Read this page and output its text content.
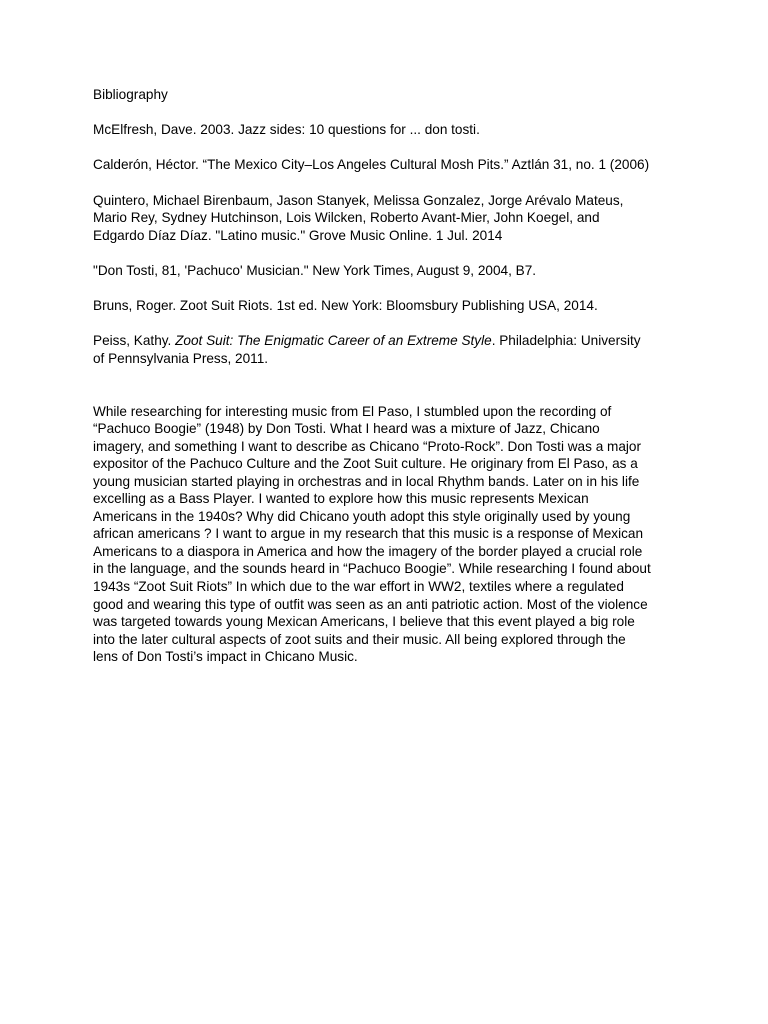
Bibliography
McElfresh, Dave. 2003. Jazz sides: 10 questions for ... don tosti.
Calderón, Héctor. “The Mexico City–Los Angeles Cultural Mosh Pits.” Aztlán 31, no. 1 (2006)
Quintero, Michael Birenbaum, Jason Stanyek, Melissa Gonzalez, Jorge Arévalo Mateus,
Mario Rey, Sydney Hutchinson, Lois Wilcken, Roberto Avant-Mier, John Koegel, and
Edgardo Díaz Díaz. "Latino music." Grove Music Online. 1 Jul. 2014
"Don Tosti, 81, 'Pachuco' Musician." New York Times, August 9, 2004, B7.
Bruns, Roger. Zoot Suit Riots. 1st ed. New York: Bloomsbury Publishing USA, 2014.
Peiss, Kathy. Zoot Suit: The Enigmatic Career of an Extreme Style. Philadelphia: University
of Pennsylvania Press, 2011.
While researching for interesting music from El Paso, I stumbled upon the recording of
“Pachuco Boogie” (1948) by Don Tosti. What I heard was a mixture of Jazz, Chicano
imagery, and something I want to describe as Chicano “Proto-Rock”. Don Tosti was a major
expositor of the Pachuco Culture and the Zoot Suit culture. He originary from El Paso, as a
young musician started playing in orchestras and in local Rhythm bands. Later on in his life
excelling as a Bass Player. I wanted to explore how this music represents Mexican
Americans in the 1940s? Why did Chicano youth adopt this style originally used by young
african americans ? I want to argue in my research that this music is a response of Mexican
Americans to a diaspora in America and how the imagery of the border played a crucial role
in the language, and the sounds heard in “Pachuco Boogie”. While researching I found about
1943s “Zoot Suit Riots” In which due to the war effort in WW2, textiles where a regulated
good and wearing this type of outfit was seen as an anti patriotic action. Most of the violence
was targeted towards young Mexican Americans, I believe that this event played a big role
into the later cultural aspects of zoot suits and their music. All being explored through the
lens of Don Tosti’s impact in Chicano Music.
